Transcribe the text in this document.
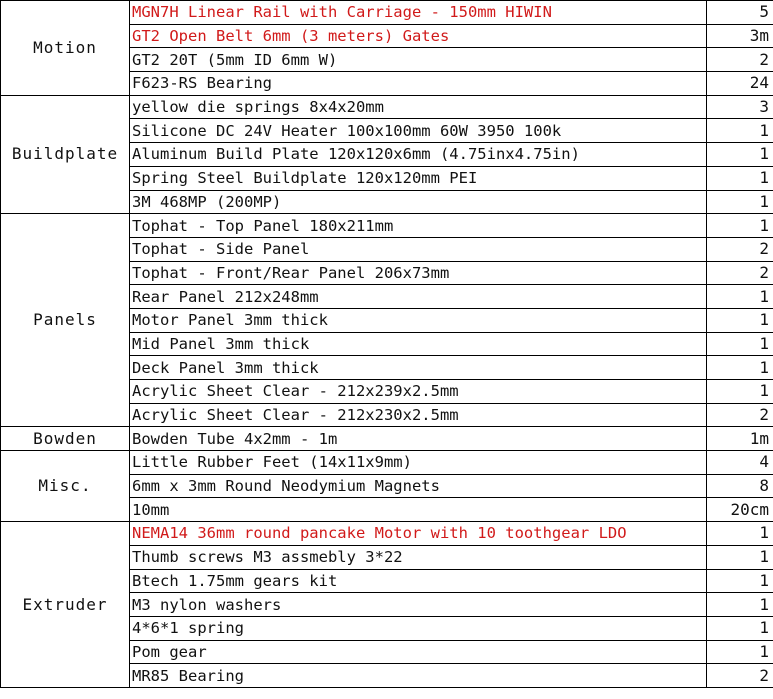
Motion	MGN7H Linear Rail with Carriage - 150mm HIWIN	5
	GT2 Open Belt 6mm (3 meters) Gates	3m
	GT2 20T (5mm ID 6mm W)	2
	F623-RS Bearing	24
Buildplate	yellow die springs 8x4x20mm	3
	Silicone DC 24V Heater 100x100mm 60W 3950 100k	1
	Aluminum Build Plate 120x120x6mm (4.75inx4.75in)	1
	Spring Steel Buildplate 120x120mm PEI	1
	3M 468MP (200MP)	1
Panels	Tophat - Top Panel 180x211mm	1
	Tophat - Side Panel	2
	Tophat - Front/Rear Panel 206x73mm	2
	Rear Panel 212x248mm	1
	Motor Panel 3mm thick	1
	Mid Panel 3mm thick	1
	Deck Panel 3mm thick	1
	Acrylic Sheet Clear - 212x239x2.5mm	1
	Acrylic Sheet Clear - 212x230x2.5mm	2
Bowden	Bowden Tube 4x2mm - 1m	1m
Misc.	Little Rubber Feet (14x11x9mm)	4
	6mm x 3mm Round Neodymium Magnets	8
	10mm	20cm
Extruder	NEMA14 36mm round pancake Motor with 10 toothgear LDO	1
	Thumb screws M3 assmebly 3*22	1
	Btech 1.75mm gears kit	1
	M3 nylon washers	1
	4*6*1 spring	1
	Pom gear	1
	MR85 Bearing	2
